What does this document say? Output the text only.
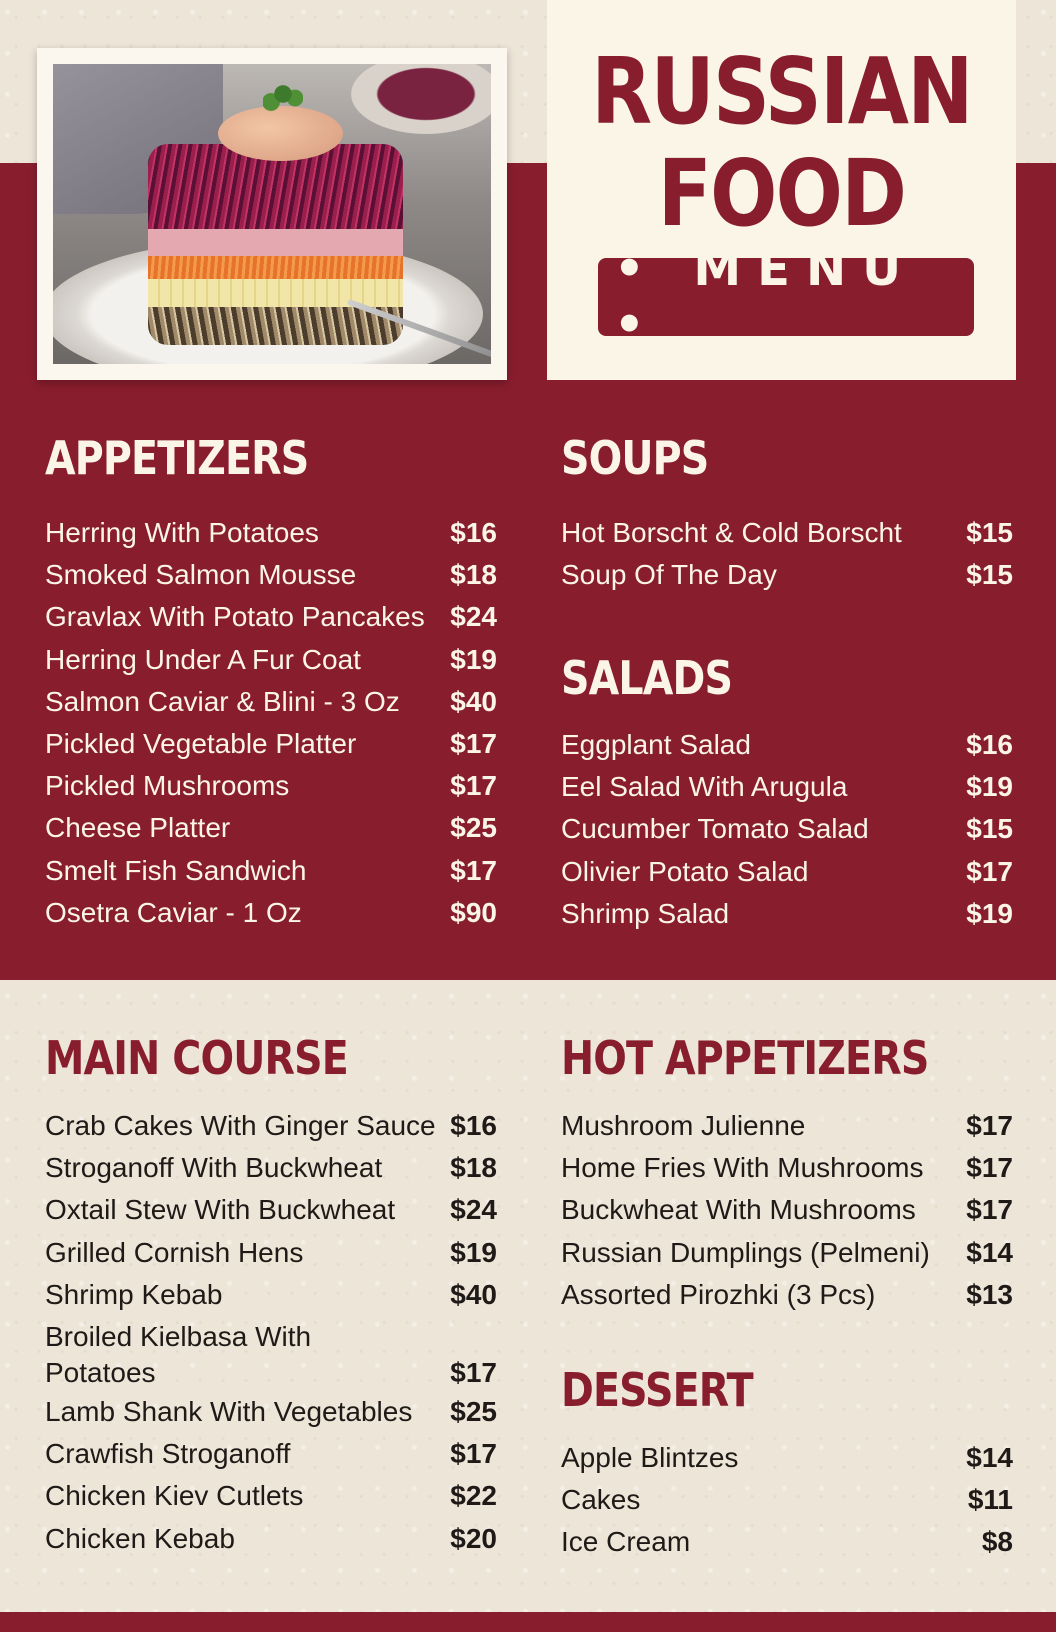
RUSSIAN
FOOD
• MENU •
APPETIZERS
Herring With Potatoes	$16
Smoked Salmon Mousse	$18
Gravlax With Potato Pancakes $24
Herring Under A Fur Coat	$19
Salmon Caviar & Blini - 3 Oz $40
Pickled Vegetable Platter	$17
Pickled Mushrooms	$17
Cheese Platter	$25
Smelt Fish Sandwich	$17
Osetra Caviar - 1 Oz	$90
SOUPS
Hot Borscht & Cold Borscht $15
Soup Of The Day	$15
SALADS
Eggplant Salad	$16
Eel Salad With Arugula	$19
Cucumber Tomato Salad	$15
Olivier Potato Salad	$17
Shrimp Salad	$19
MAIN COURSE
Crab Cakes With Ginger Sauce $16
Stroganoff With Buckwheat $18
Oxtail Stew With Buckwheat $24
Grilled Cornish Hens	$19
Shrimp Kebab	$40
Broiled Kielbasa With Potatoes	$17
Lamb Shank With Vegetables $25
Crawfish Stroganoff	$17
Chicken Kiev Cutlets	$22
Chicken Kebab	$20
HOT APPETIZERS
Mushroom Julienne	$17
Home Fries With Mushrooms $17
Buckwheat With Mushrooms $17
Russian Dumplings (Pelmeni) $14
Assorted Pirozhki (3 Pcs)	$13
DESSERT
Apple Blintzes	$14
Cakes	$11
Ice Cream	$8
